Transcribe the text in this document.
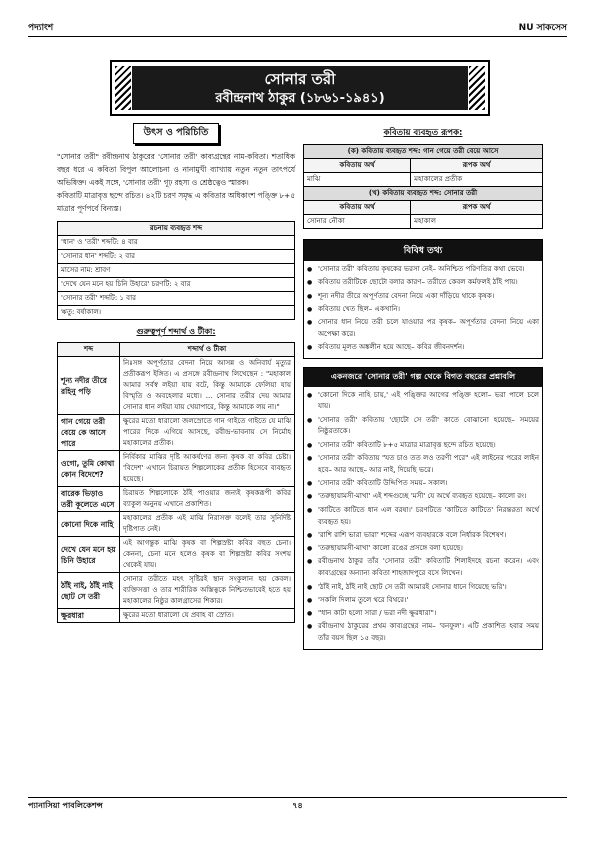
পদ্যাংশ	NU সাকসেস
সোনার তরী
রবীন্দ্রনাথ ঠাকুর (১৮৬১-১৯৪১)
উৎস ও পরিচিতি

"সোনার তরী" রবীন্দ্রনাথ ঠাকুরের 'সোনার তরী' কাব্যগ্রন্থের নাম-কবিতা। শতাধিক বছর ধরে এ কবিতা বিপুল আলোচনা ও নানামুখী ব্যাখ্যায় নতুন নতুন তাৎপর্যে অভিষিক্ত। একই সঙ্গে, 'সোনার তরী' গূঢ় রহস্য ও শ্রেষ্ঠত্বেও স্মারক।

কবিতাটি মাত্রাবৃত্ত ছন্দে রচিত। ৪২টি চরণ সমৃদ্ধ এ কবিতার অধিকাংশ পঙ্ক্তি ৮+৫ মাত্রার পূর্ণপর্বে বিন্যস্ত।

রচনায় ব্যবহৃত শব্দ
'ধান' ও 'তরী' শব্দটি: ৪ বার
'সোনার ধান' শব্দটি: ২ বার
মাসের নাম: শ্রাবণ
'দেখে যেন মনে হয় চিনি উহারে' চরণটি: ২ বার
'সোনার তরী' শব্দটি: ১ বার
ঋতু: বর্ষাকাল।
গুরুত্বপূর্ণ শব্দার্থ ও টীকা:
শব্দ	শব্দার্থ ও টীকা
শূন্য নদীর তীরে রহিনু পড়ি	নিঃসঙ্গ অপূর্ণতার বেদনা নিয়ে আসন্ন ও অনিবার্য মৃত্যুর প্রতীকরূপ ইঙ্গিত। এ প্রসঙ্গে রবীন্দ্রনাথ লিখেছেন : "মহাকাল আমার সর্বস্ব লইয়া যায় বটে, কিন্তু আমাকে ফেলিয়া যায় বিস্মৃতি ও অবহেলার মধ্যে। ... সোনার তরীর দেয় আমার সোনার ধান লইয়া যায় খেয়াপারে, কিন্তু আমাকে লয় না।"
গান গেয়ে তরী বেয়ে কে আসে পারে	ক্ষুরের মতো ধারালো জলস্রোতে গান গাইতে গাইতে যে মাঝি পারের দিকে এগিয়ে আসছে, রবীন্দ্র-ভাবনায় সে নির্মোহ মহাকালের প্রতীক।
ওগো, তুমি কোথা কোন বিদেশে?	নির্বিকার মাঝির দৃষ্টি আকর্ষণের জন্য কৃষক বা কবির চেষ্টা। 'বিদেশ' এখানে চিরায়ত শিল্পলোকের প্রতীক হিসেবে ব্যবহৃত হয়েছে।
বারেক ভিড়াও তরী কূলেতে এসে	চিরায়ত শিল্পলোকে ঠাঁই পাওয়ার জন্যই কৃষকরূপী কবির ব্যাকুল অনুনয় এখানে প্রকাশিত।
কোনো দিকে নাহি	মহাকালের প্রতীক এই মাঝি নিরাসক্ত বলেই তার সুনির্দিষ্ট দৃষ্টিপাত নেই।
দেখে যেন মনে হয় চিনি উহারে	এই আগন্তুক মাঝি কৃষক বা শিল্পস্রষ্টা কবির বহুত চেনা। কেননা, চেনা মনে হলেও কৃষক বা শিল্পস্রষ্টা কবির সংশয় থেকেই যায়।
ঠাঁই নাই, ঠাঁই নাই ছোট সে তরী	সোনার তরীতে মহৎ সৃষ্টিরই স্থান সংকুলান হয় কেবল। ব্যক্তিসত্তা ও তার শারীরিক অস্তিত্বকে নিশ্চিতভাবেই হতে হয় মহাকালের নিষ্ঠুর কালগ্রাসের শিকার।
ক্ষুরধারা	ক্ষুরের মতো ধারালো যে প্রবাহ বা স্রোত।
কবিতায় ব্যবহৃত রূপক:
(ক) কবিতায় ব্যবহৃত শব্দ: গান গেয়ে তরী বেয়ে আসে	
কবিতায় অর্থ	রূপক অর্থ
মাঝি	মহাকালের প্রতীক
(খ) কবিতায় ব্যবহৃত শব্দ: সোনার তরী	
কবিতায় অর্থ	রূপক অর্থ
সোনার নৌকা	মহাকাল
বিবিধ তথ্য
● 'সোনার তরী' কবিতায় কৃষকের ভরসা নেই– অনিশ্চিত পরিণতির কথা ভেবে।
● কবিতায় তরীটিকে ছোটো বলার কারণ– তরীতে কেবল কর্মফলই ঠাঁই পায়।
● শূন্য নদীর তীরে অপূর্ণতার বেদনা নিয়ে একা দাঁড়িয়ে থাকে কৃষক।
● কবিতায় খেত ছিল– একখানি।
● সোনার ধান নিয়ে তরী চলে যাওয়ার পর কৃষক– অপূর্ণতার বেদনা নিয়ে একা অপেক্ষা করে।
● কবিতায় মূলত অঙ্কলীন হয়ে আছে– কবির জীবনদর্শন।
একনজরে 'সোনার তরী' গল্প থেকে বিগত বছরের প্রশ্নাবলি
● 'কোনো দিকে নাহি চায়,' এই পঙ্ক্তির আগের পঙ্ক্তি হলো– ভরা পালে চলে যায়।
● 'সোনার তরী' কবিতায় 'ছোটো সে তরী' কাতে বোঝানো হয়েছে– সময়ের নিষ্ঠুরতাকে।
● 'সোনার তরী' কবিতাটি ৮+৫ মাত্রার মাত্রাবৃত্ত ছন্দে রচিত হয়েছে।
● 'সোনার তরী' কবিতায় "যত চাও তত লও তরণী পরে" এই লাইনের পরের লাইন হবে– আর আছে– আর নাই, দিয়েছি ভরে।
● 'সোনার তরী' কবিতাটি উদ্দিপিত সময়– সকাল।
● 'তরুছায়ামসী-মাখা' এই শব্দগুচ্ছে 'মসী' যে অর্থে ব্যবহৃত হয়েছে– কালো রং।
● 'কাটিতে কাটিতে ধান এল বরষা।' চরণটিতে 'কাটিতে কাটিতে' নিরন্তরতা অর্থে ব্যবহৃত হয়।
● 'রাশি রাশি ভারা ভারা' শব্দের এরূপ ব্যবহারকে বলে নির্ধারক বিশেষণ।
● 'তরুছায়ামসী-মাখা' কালো রঙের প্রসঙ্গে বলা হয়েছে।
● রবীন্দ্রনাথ ঠাকুর তাঁর 'সোনার তরী' কবিতাটি শিলাইদহে রচনা করেন। এবং কাব্যগ্রন্থের অন্যান্য কবিতা শাহজাদপুরে বসে লিখেন।
● 'ঠাঁই নাই, ঠাঁই নাই ছোট সে তরী আমারই সোনার ধানে গিয়েছে ভরি'।
● 'সকলি দিলাম তুলে থরে বিথরে।'
● "ধান কাটা হলো সারা / ভরা নদী ক্ষুরধারা"।
● রবীন্দ্রনাথ ঠাকুরের প্রথম কাব্যগ্রন্থের নাম– 'বনফুল'। এটি প্রকাশিত হবার সময় তাঁর বয়স ছিল ১৫ বছর।
প্যানাসিয়া পাবলিকেশন্স	৭৪
